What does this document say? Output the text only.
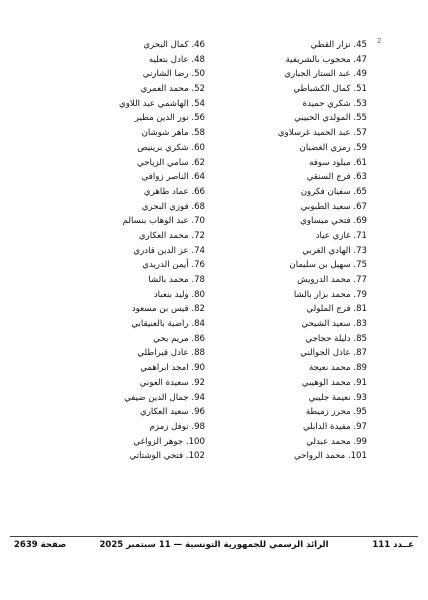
2
45. نزار القطي
47. محجوب بالشريفية
49. عبد الستار الجباري
51. كمال الكشباطي
53. شكري حميدة
55. المولدي الحبيبي
57. عبد الحميد غرسلاوي
59. رمزي الغضبان
61. ميلود سوفه
63. فرج السنقي
65. سفيان فكرون
67. سعيد الطبوبي
69. فتحي ميساوي
71. غازي عياد
73. الهادي الغربي
75. سهيل بن سليمان
77. محمد الدرويش
79. محمد بزار بالشا
81. فرج الملولي
83. سعيد الشيحي
85. دليلة حجاجي
87. عادل الجوالني
89. محمد نعيجة
91. محمد الوهيبي
93. نعيمة جليبي
95. محرز زميطة
97. مفيدة الدابلي
99. محمد عبدلي
101. محمد الرواحي
46. كمال البحري
48. عادل بتعليه
50. رضا الشارني
52. محمد العمري
54. الهاشمي عبد اللاوي
56. نور الدين مطير
58. ماهر شوشان
60. شكري برينيص
62. سامي الزياحي
64. الناصر زوافي
66. عماد طاهري
68. فوزي البحري
70. عبد الوهاب بنسالم
72. محمد العكاري
74. عز الدين قادري
76. أيمن الدريدي
78. محمد بالشا
80. وليد بنعباد
82. قيس بن مسعود
84. راضية بالعنيقابي
86. مريم يحي
88. عادل قيراطلي
90. امجد ابراهمي
92. سعيدة العوني
94. جمال الدين ضيفي
96. سعيد العكاري
98. نوفل زمزم
100. جوهر الزواغي
102. فتحي الوشتاتي
عــدد 111
الرائد الرسمي للجمهورية التونسية — 11 سبتمبر 2025
صفحة 2639
